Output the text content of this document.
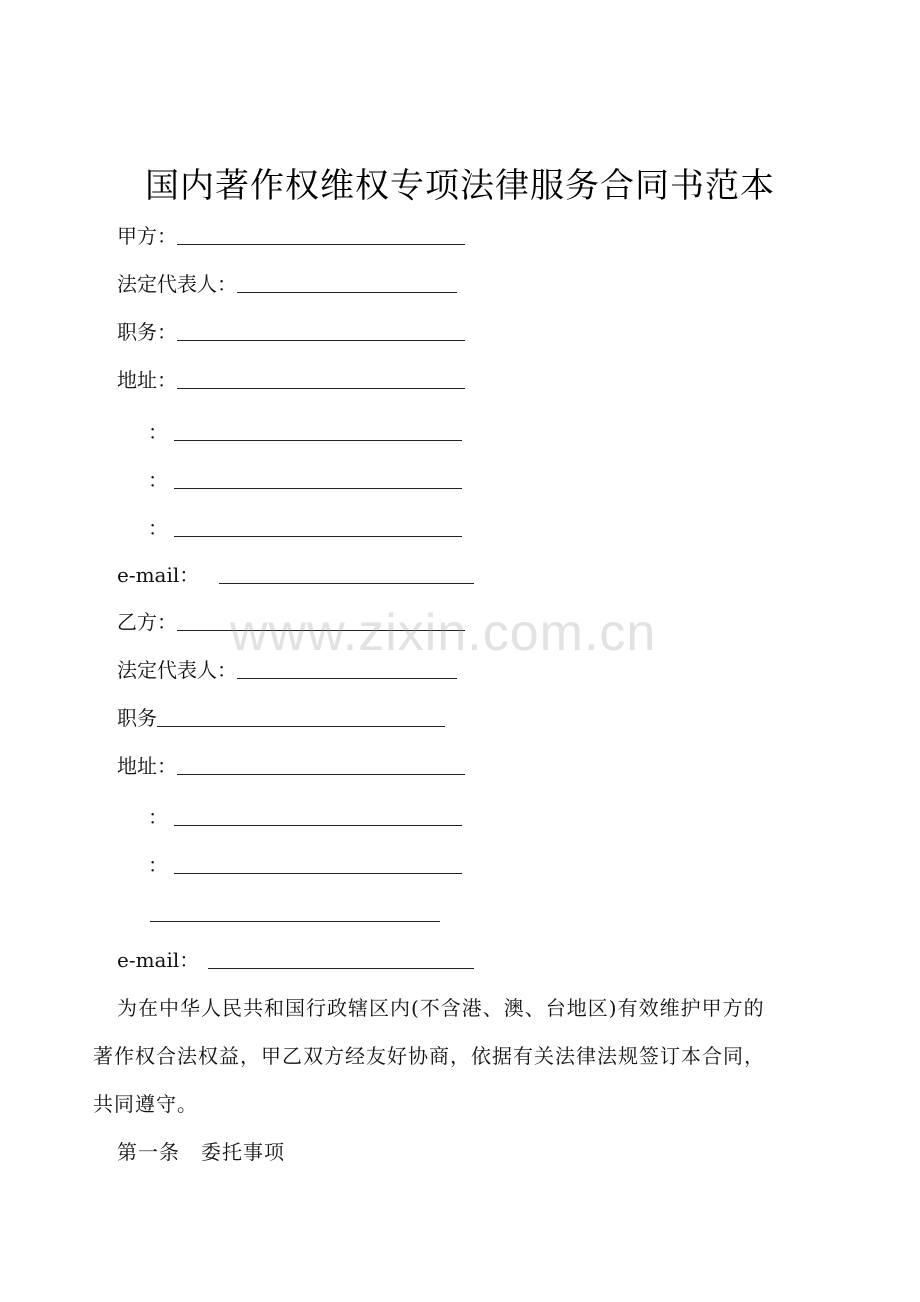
国内著作权维权专项法律服务合同书范本
甲方：
法定代表人：
职务：
地址：
：
：
：
e-mail：
乙方：
法定代表人：
职务
地址：
：
：
e-mail：
为在中华人民共和国行政辖区内(不含港、澳、台地区)有效维护甲方的
著作权合法权益，甲乙双方经友好协商，依据有关法律法规签订本合同，
共同遵守。
第一条　委托事项
www.zixin.com.cn
